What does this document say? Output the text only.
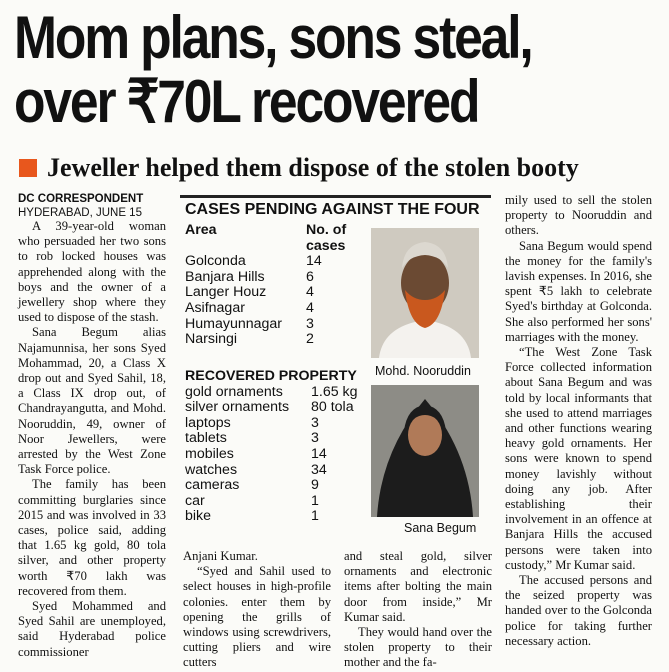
Mom plans, sons steal,
over ₹70L recovered
Jeweller helped them dispose of the stolen booty
DC CORRESPONDENT
HYDERABAD, JUNE 15

A 39-year-old woman who persuaded her two sons to rob locked houses was apprehended along with the boys and the owner of a jewellery shop where they used to dispose of the stash.

Sana Begum alias Najamunnisa, her sons Syed Mohammad, 20, a Class X drop out and Syed Sahil, 18, a Class IX drop out, of Chandrayangutta, and Mohd. Nooruddin, 49, owner of Noor Jewellers, were arrested by the West Zone Task Force police.

The family has been committing burglaries since 2015 and was involved in 33 cases, police said, adding that 1.65 kg gold, 80 tola silver, and other property worth ₹70 lakh was recovered from them.

Syed Mohammed and Syed Sahil are unemployed, said Hyderabad police commissioner

CASES PENDING AGAINST THE FOUR
Area	No. of cases
Golconda	14
Banjara Hills	6
Langer Houz	4
Asifnagar	4
Humayunnagar	3
Narsingi	2
RECOVERED PROPERTY	
gold ornaments	1.65 kg
silver ornaments	80 tola
laptops	3
tablets	3
mobiles	14
watches	34
cameras	9
car	1
bike	1
Mohd. Nooruddin
Sana Begum

Anjani Kumar.

“Syed and Sahil used to select houses in high-profile colonies. enter them by opening the grills of windows using screwdrivers, cutting pliers and wire cutters

and steal gold, silver ornaments and electronic items after bolting the main door from inside,” Mr Kumar said.

They would hand over the stolen property to their mother and the fa-

mily used to sell the stolen property to Nooruddin and others.

Sana Begum would spend the money for the family's lavish expenses. In 2016, she spent ₹5 lakh to celebrate Syed's birthday at Golconda. She also performed her sons' marriages with the money.

“The West Zone Task Force collected information about Sana Begum and was told by local informants that she used to attend marriages and other functions wearing heavy gold ornaments. Her sons were known to spend money lavishly without doing any job. After establishing their involvement in an offence at Banjara Hills the accused persons were taken into custody,” Mr Kumar said.

The accused persons and the seized property was handed over to the Golconda police for taking further necessary action.
